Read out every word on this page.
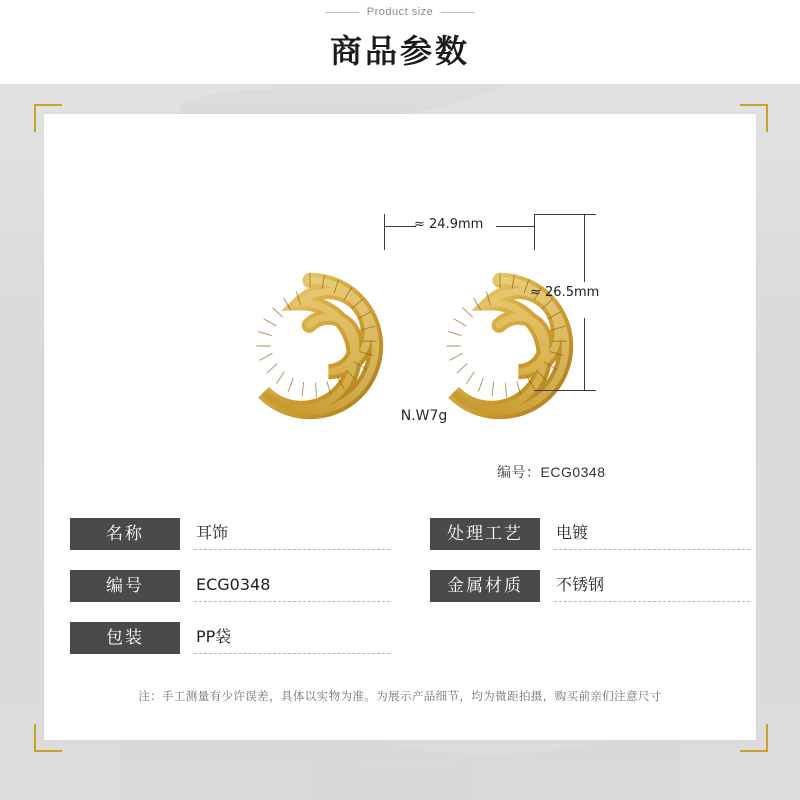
Product size
商品参数
≈ 24.9mm
≈ 26.5mm
N.W7g
编号：ECG0348
名称	耳饰
编号	ECG0348
包装	PP袋
处理工艺	电镀
金属材质	不锈钢
注：手工测量有少许误差，具体以实物为准。为展示产品细节，均为微距拍摄，购买前亲们注意尺寸
